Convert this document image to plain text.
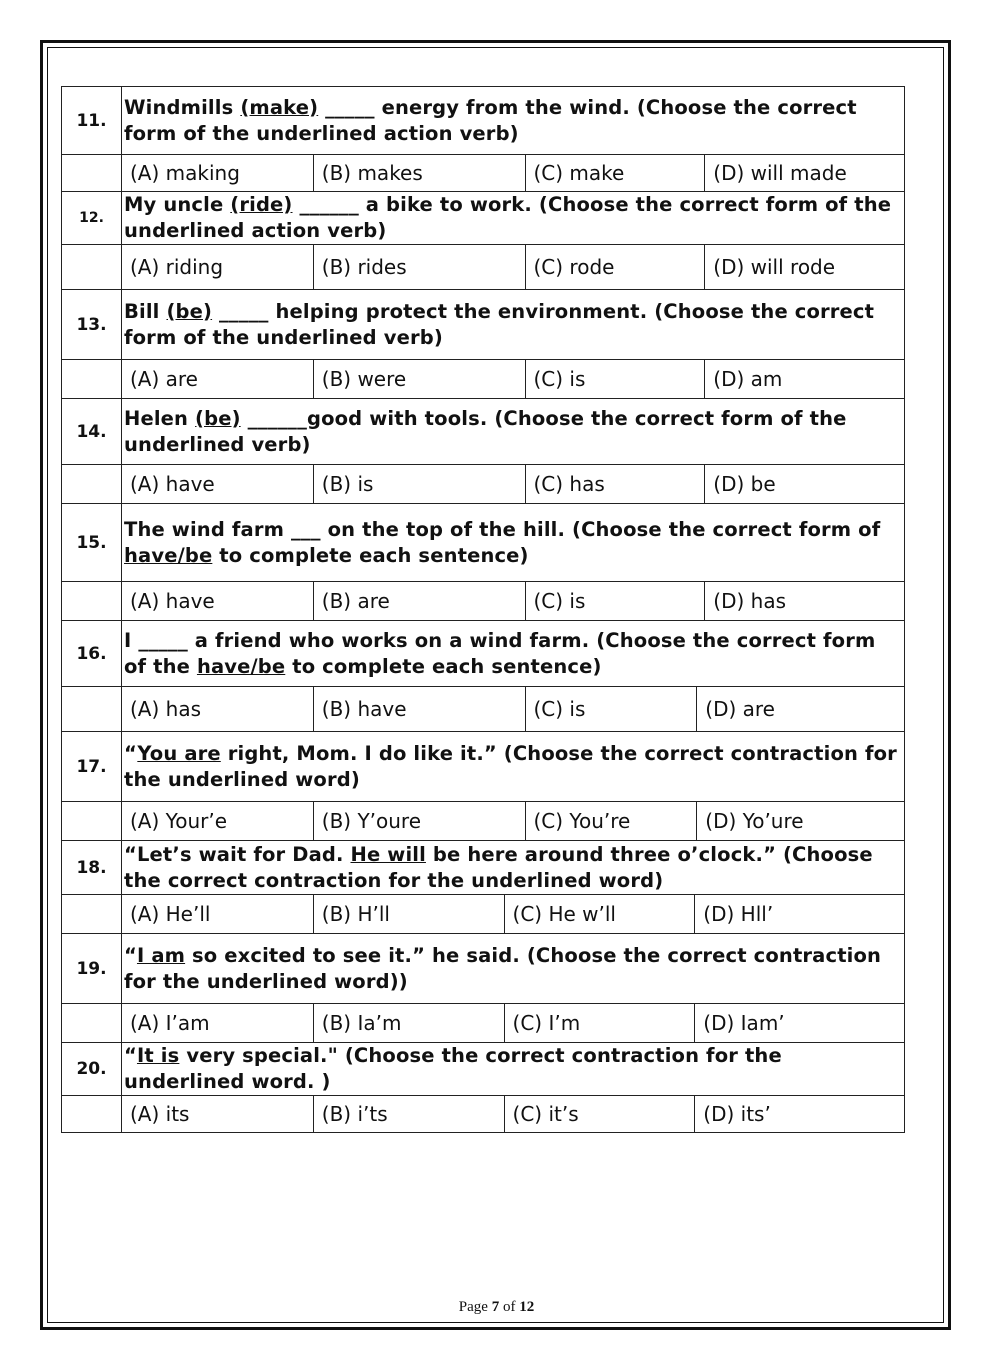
11.	Windmills (make) _____ energy from the wind. (Choose the correct form of the underlined action verb)

(A) making (B) makes (C) make (D) will made

12.	My uncle (ride) ______ a bike to work. (Choose the correct form of the underlined action verb)

(A) riding (B) rides (C) rode (D) will rode

13.	Bill (be) _____ helping protect the environment. (Choose the correct form of the underlined verb)

(A) are (B) were (C) is (D) am

14.	Helen (be) ______good with tools. (Choose the correct form of the underlined verb)

(A) have (B) is (C) has (D) be

15.	The wind farm ___ on the top of the hill. (Choose the correct form of have/be to complete each sentence)

(A) have (B) are (C) is (D) has

16.	I _____ a friend who works on a wind farm. (Choose the correct form of the have/be to complete each sentence)

(A) has (B) have (C) is (D) are

17.	“You are right, Mom. I do like it.” (Choose the correct contraction for the underlined word)

(A) Your’e (B) Y’oure (C) You’re (D) Yo’ure

18.	“Let’s wait for Dad. He will be here around three o’clock.” (Choose the correct contraction for the underlined word)

(A) He’ll (B) H’ll (C) He w’ll (D) Hll’

19.	“I am so excited to see it.” he said. (Choose the correct contraction for the underlined word))

(A) I’am (B) Ia’m (C) I’m (D) Iam’

20.	“It is very special." (Choose the correct contraction for the underlined word. )

(A) its (B) i’ts (C) it’s (D) its’
Page 7 of 12
